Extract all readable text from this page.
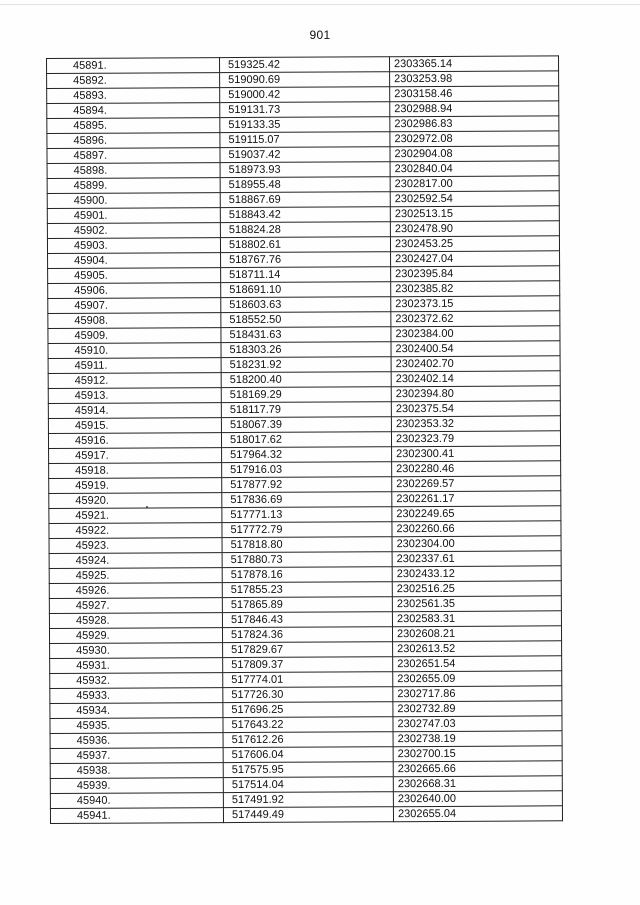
901
45891.	519325.42	2303365.14
45892.	519090.69	2303253.98
45893.	519000.42	2303158.46
45894.	519131.73	2302988.94
45895.	519133.35	2302986.83
45896.	519115.07	2302972.08
45897.	519037.42	2302904.08
45898.	518973.93	2302840.04
45899.	518955.48	2302817.00
45900.	518867.69	2302592.54
45901.	518843.42	2302513.15
45902.	518824.28	2302478.90
45903.	518802.61	2302453.25
45904.	518767.76	2302427.04
45905.	518711.14	2302395.84
45906.	518691.10	2302385.82
45907.	518603.63	2302373.15
45908.	518552.50	2302372.62
45909.	518431.63	2302384.00
45910.	518303.26	2302400.54
45911.	518231.92	2302402.70
45912.	518200.40	2302402.14
45913.	518169.29	2302394.80
45914.	518117.79	2302375.54
45915.	518067.39	2302353.32
45916.	518017.62	2302323.79
45917.	517964.32	2302300.41
45918.	517916.03	2302280.46
45919.	517877.92	2302269.57
45920.	517836.69	2302261.17
45921.	517771.13	2302249.65
45922.	517772.79	2302260.66
45923.	517818.80	2302304.00
45924.	517880.73	2302337.61
45925.	517878.16	2302433.12
45926.	517855.23	2302516.25
45927.	517865.89	2302561.35
45928.	517846.43	2302583.31
45929.	517824.36	2302608.21
45930.	517829.67	2302613.52
45931.	517809.37	2302651.54
45932.	517774.01	2302655.09
45933.	517726.30	2302717.86
45934.	517696.25	2302732.89
45935.	517643.22	2302747.03
45936.	517612.26	2302738.19
45937.	517606.04	2302700.15
45938.	517575.95	2302665.66
45939.	517514.04	2302668.31
45940.	517491.92	2302640.00
45941.	517449.49	2302655.04
